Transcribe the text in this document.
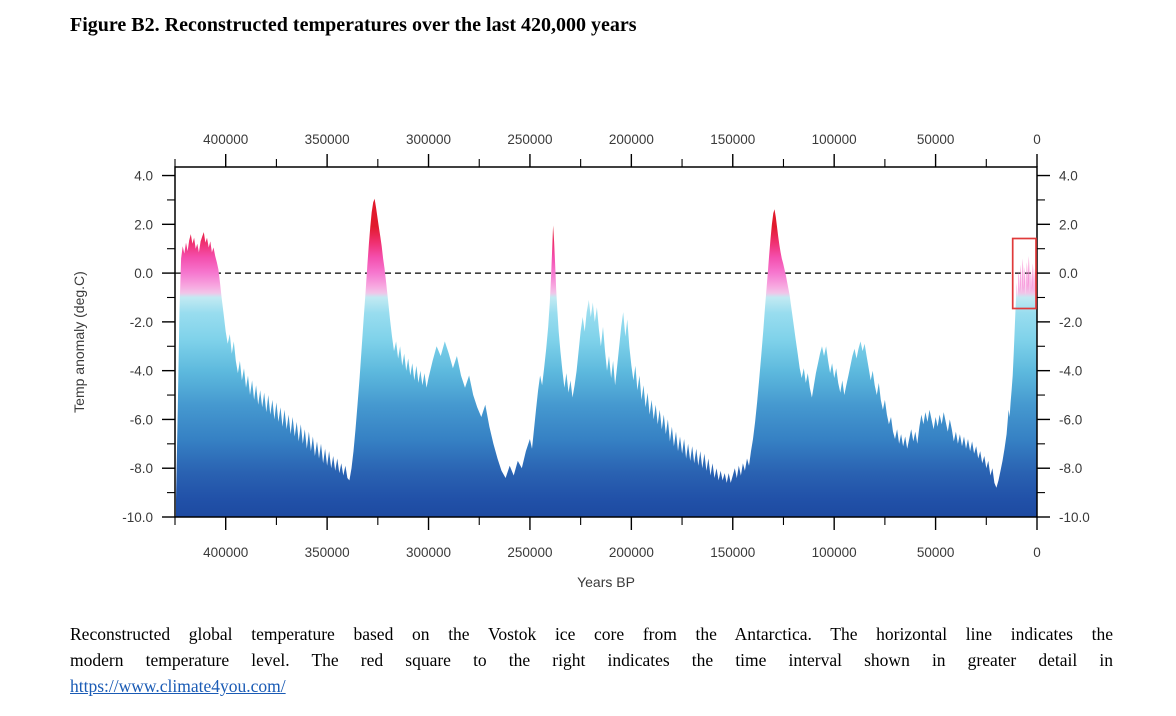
Figure B2. Reconstructed temperatures over the last 420,000 years
Years BP
Temp anomaly (deg.C)
400000
400000
350000
350000
300000
300000
250000
250000
200000
200000
150000
150000
100000
100000
50000
50000
0
0
4.0	4.0
2.0	2.0
0.0	0.0
-2.0	-2.0
-4.0	-4.0
-6.0	-6.0
-8.0	-8.0
-10.0	-10.0
Reconstructed global temperature based on the Vostok ice core from the Antarctica. The horizontal line indicates the
modern temperature level. The red square to the right indicates the time interval shown in greater detail in
https://www.climate4you.com/
